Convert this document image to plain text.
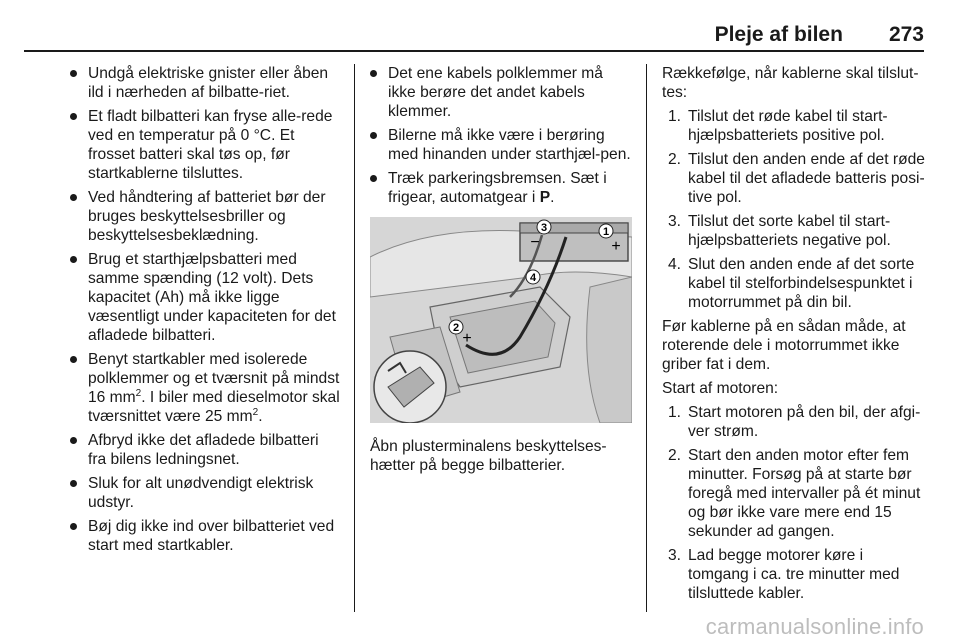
Pleje af bilen 273
Undgå elektriske gnister eller åben ild i nærheden af bilbatte-riet.
Et fladt bilbatteri kan fryse alle-rede ved en temperatur på 0 °C. Et frosset batteri skal tøs op, før startkablerne tilsluttes.
Ved håndtering af batteriet bør der bruges beskyttelsesbriller og beskyttelsesbeklædning.
Brug et starthjælpsbatteri med samme spænding (12 volt). Dets kapacitet (Ah) må ikke ligge væsentligt under kapaciteten for det afladede bilbatteri.
Benyt startkabler med isolerede polklemmer og et tværsnit på mindst 16 $mm^2$. I biler med dieselmotor skal tværsnittet være 25 $mm^2$.
Afbryd ikke det afladede bilbatteri fra bilens ledningsnet.
Sluk for alt unødvendigt elektrisk udstyr.
Bøj dig ikke ind over bilbatteriet ved start med startkabler.
Det ene kabels polklemmer må ikke berøre det andet kabels klemmer.
Bilerne må ikke være i berøring med hinanden under starthjæl-pen.
Træk parkeringsbremsen. Sæt i frigear, automatgear i P.
1
+
3
−
4
2
+

Åbn plusterminalens beskyttelses-hætter på begge bilbatterier.

Rækkefølge, når kablerne skal tilslut-tes:

1. Tilslut det røde kabel til start-hjælpsbatteriets positive pol.
2. Tilslut den anden ende af det røde kabel til det afladede batteris posi-tive pol.
3. Tilslut det sorte kabel til start-hjælpsbatteriets negative pol.
4. Slut den anden ende af det sorte kabel til stelforbindelsespunktet i motorrummet på din bil.

Før kablerne på en sådan måde, at roterende dele i motorrummet ikke griber fat i dem.

Start af motoren:

1. Start motoren på den bil, der afgi-ver strøm.
2. Start den anden motor efter fem minutter. Forsøg på at starte bør foregå med intervaller på ét minut og bør ikke vare mere end 15 sekunder ad gangen.
3. Lad begge motorer køre i tomgang i ca. tre minutter med tilsluttede kabler.
carmanualsonline.info
